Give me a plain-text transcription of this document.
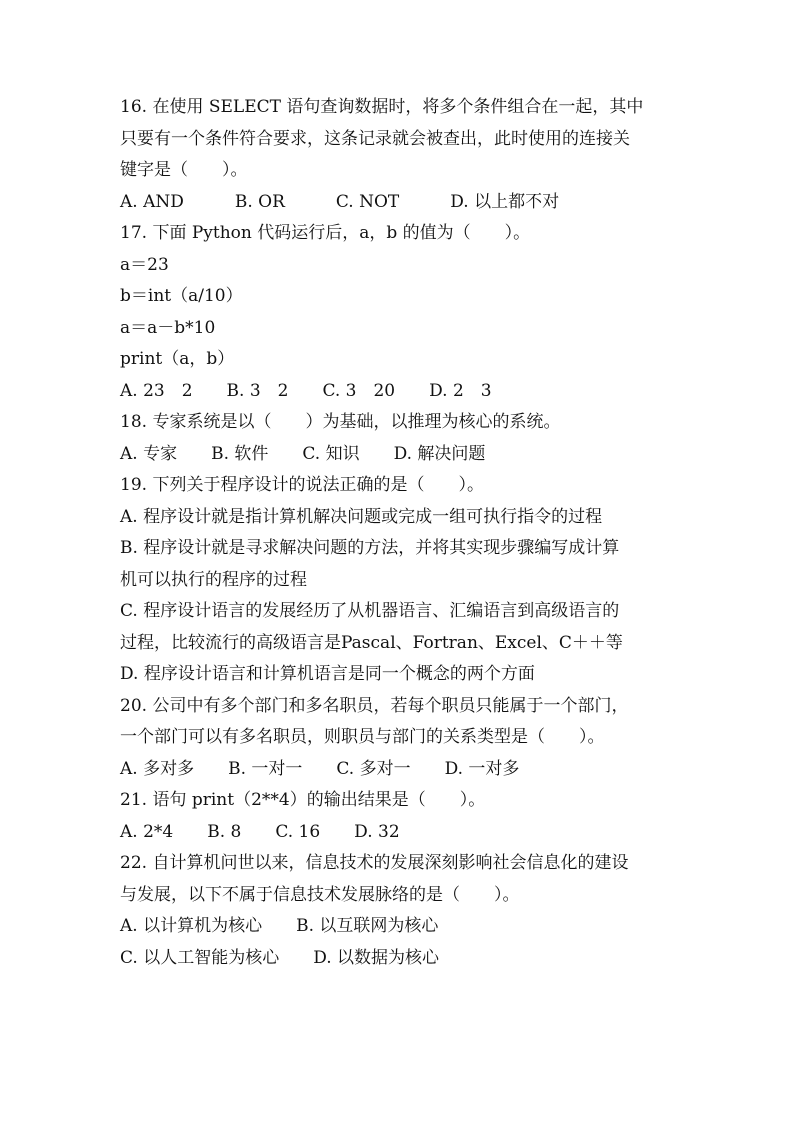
16. 在使用 SELECT 语句查询数据时，将多个条件组合在一起，其中
只要有一个条件符合要求，这条记录就会被查出，此时使用的连接关
键字是（　　）。
A. AND　　　B. OR　　　C. NOT　　　D. 以上都不对
17. 下面 Python 代码运行后，a，b 的值为（　　）。
a＝23
b＝int（a/10）
a＝a－b*10
print（a，b）
A. 23　2　　B. 3　2　　C. 3　20　　D. 2　3
18. 专家系统是以（　　）为基础，以推理为核心的系统。
A. 专家　　B. 软件　　C. 知识　　D. 解决问题
19. 下列关于程序设计的说法正确的是（　　）。
A. 程序设计就是指计算机解决问题或完成一组可执行指令的过程
B. 程序设计就是寻求解决问题的方法，并将其实现步骤编写成计算
机可以执行的程序的过程
C. 程序设计语言的发展经历了从机器语言、汇编语言到高级语言的
过程，比较流行的高级语言是Pascal、Fortran、Excel、C＋＋等
D. 程序设计语言和计算机语言是同一个概念的两个方面
20. 公司中有多个部门和多名职员，若每个职员只能属于一个部门，
一个部门可以有多名职员，则职员与部门的关系类型是（　　）。
A. 多对多　　B. 一对一　　C. 多对一　　D. 一对多
21. 语句 print（2**4）的输出结果是（　　）。
A. 2*4　　B. 8　　C. 16　　D. 32
22. 自计算机问世以来，信息技术的发展深刻影响社会信息化的建设
与发展，以下不属于信息技术发展脉络的是（　　）。
A. 以计算机为核心　　B. 以互联网为核心
C. 以人工智能为核心　　D. 以数据为核心
